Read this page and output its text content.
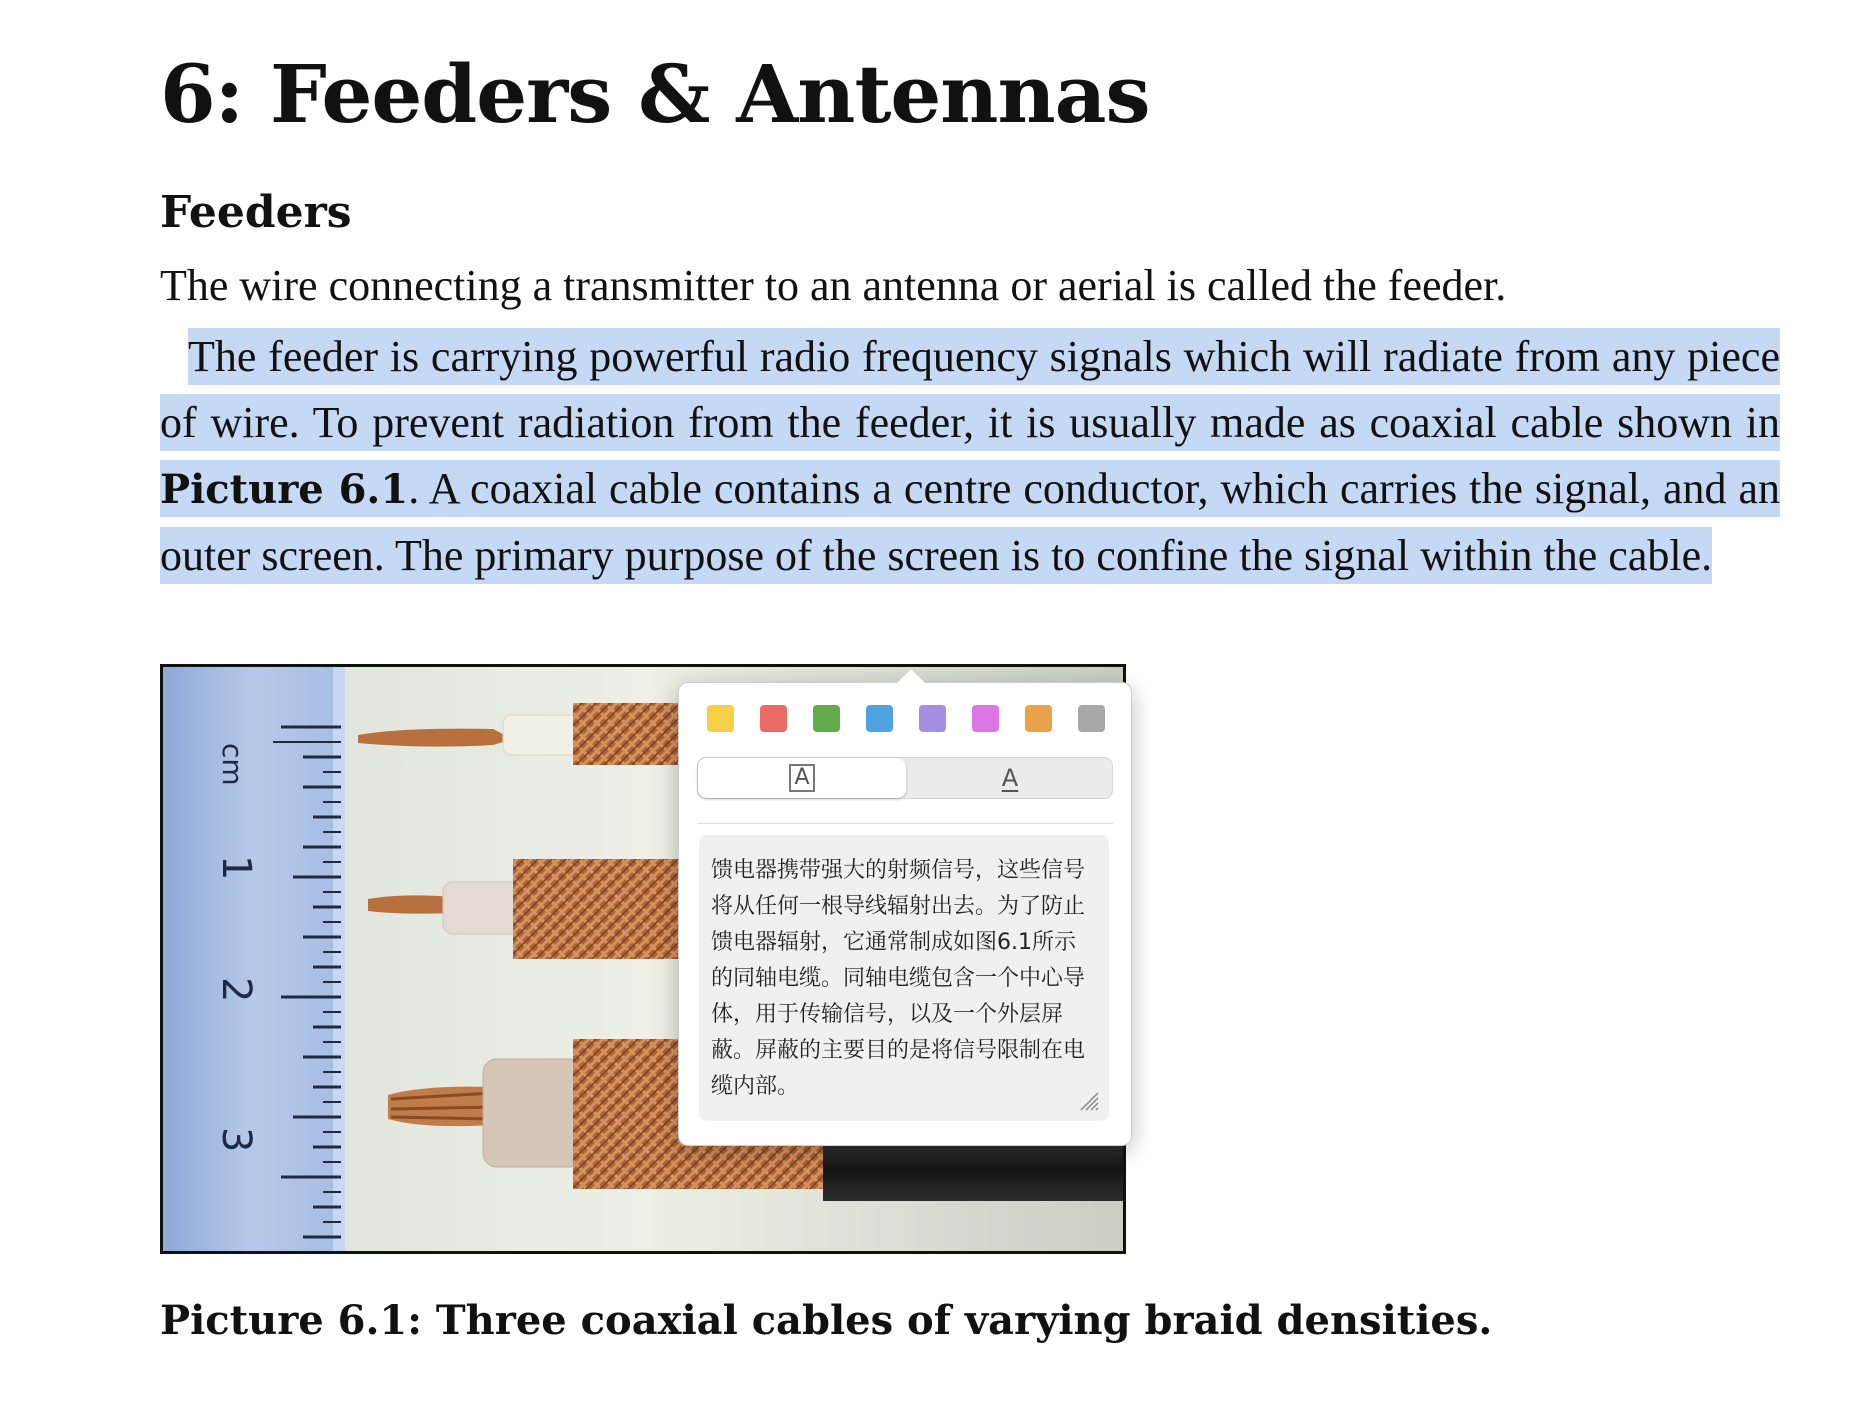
6: Feeders & Antennas
Feeders

The wire connecting a transmitter to an antenna or aerial is called the feeder.

The feeder is carrying powerful radio frequency signals which will radiate from any piece of wire. To prevent radiation from the feeder, it is usually made as coaxial cable shown in Picture 6.1. A coaxial cable contains a centre conductor, which carries the signal, and an outer screen. The primary purpose of the screen is to confine the signal within the cable.

cm
1
2
3

Picture 6.1: Three coaxial cables of varying braid densities.

A	A
馈电器携带强大的射频信号，这些信号将从任何一根导线辐射出去。为了防止馈电器辐射，它通常制成如图6.1所示的同轴电缆。同轴电缆包含一个中心导体，用于传输信号，以及一个外层屏蔽。屏蔽的主要目的是将信号限制在电缆内部。
